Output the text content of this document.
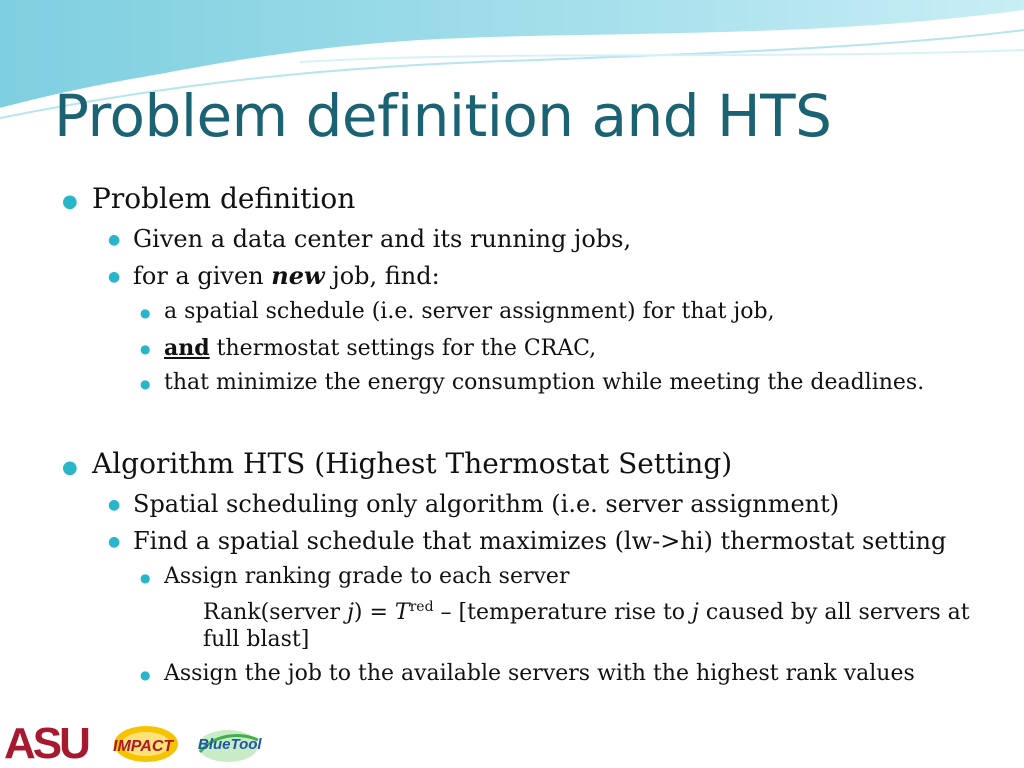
Problem definition and HTS
● Problem definition
● Given a data center and its running jobs,
● for a given new job, find:
● a spatial schedule (i.e. server assignment) for that job,
● and thermostat settings for the CRAC,
● that minimize the energy consumption while meeting the deadlines.
● Algorithm HTS (Highest Thermostat Setting)
● Spatial scheduling only algorithm (i.e. server assignment)
● Find a spatial schedule that maximizes (lw->hi) thermostat setting
● Assign ranking grade to each server
Rank(server $j) = T^{red}$ – [temperature rise to j caused by all servers at
full blast]
● Assign the job to the available servers with the highest rank values
ASU IMPACT BlueTool
